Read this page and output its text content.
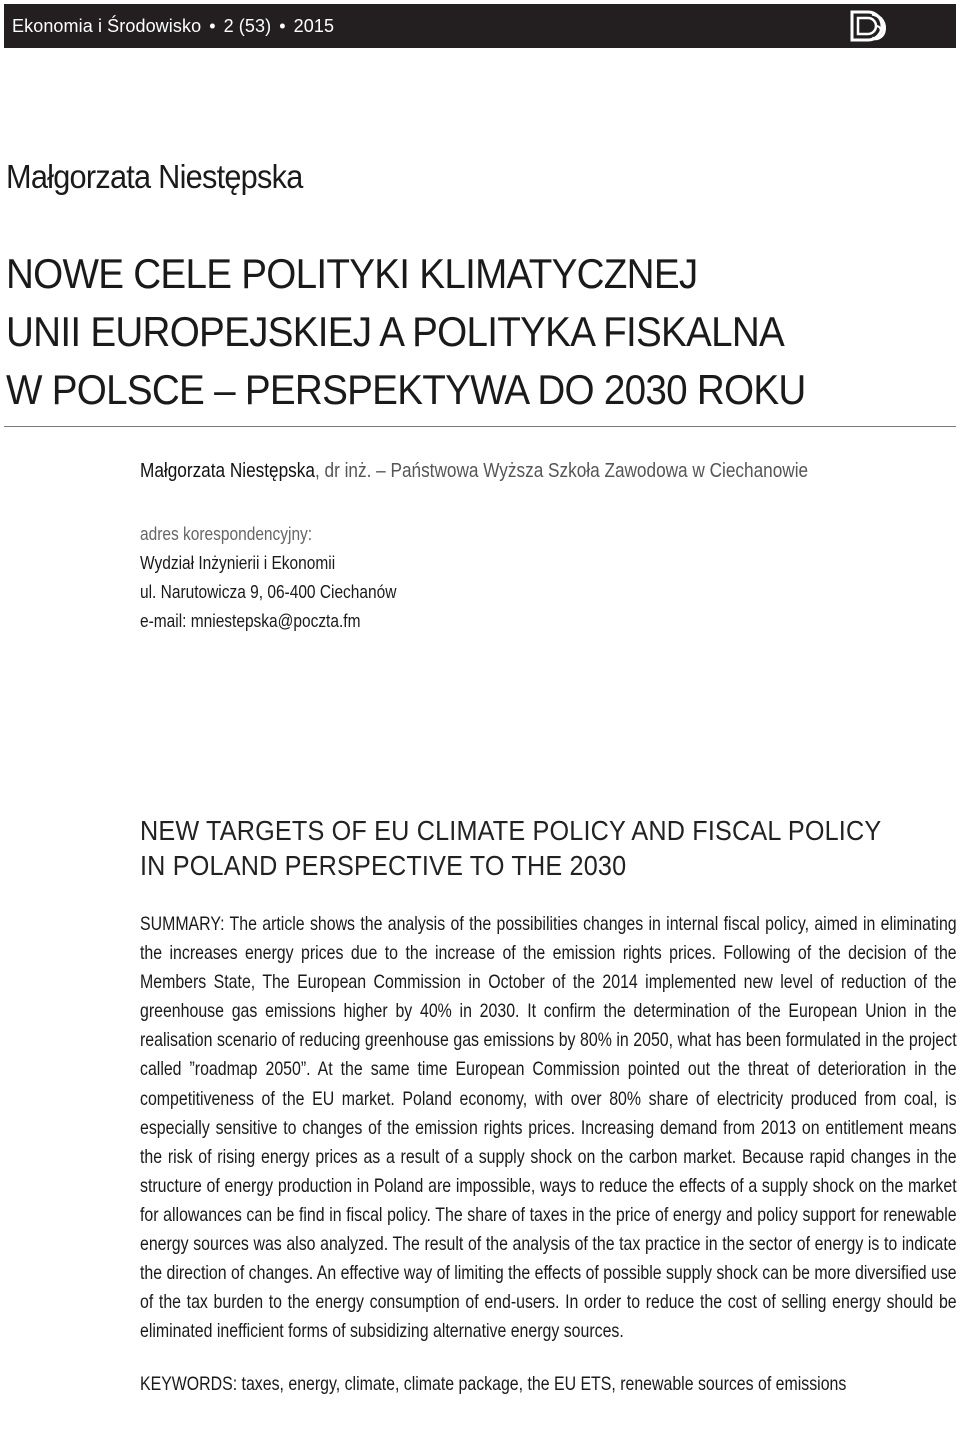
Ekonomia i Środowisko • 2 (53) • 2015
Małgorzata Niestępska
NOWE CELE POLITYKI KLIMATYCZNEJ
UNII EUROPEJSKIEJ A POLITYKA FISKALNA
W POLSCE – PERSPEKTYWA DO 2030 ROKU
Małgorzata Niestępska, dr inż. – Państwowa Wyższa Szkoła Zawodowa w Ciechanowie
adres korespondencyjny:
Wydział Inżynierii i Ekonomii
ul. Narutowicza 9, 06-400 Ciechanów
e-mail: mniestepska@poczta.fm
NEW TARGETS OF EU CLIMATE POLICY AND FISCAL POLICY
IN POLAND PERSPECTIVE TO THE 2030

SUMMARY: The article shows the analysis of the possibilities changes in internal fiscal policy, aimed in eliminating the increases energy prices due to the increase of the emission rights prices. Following of the decision of the Members State, The European Commission in October of the 2014 implemented new level of reduction of the greenhouse gas emissions higher by 40% in 2030. It confirm the determination of the European Union in the realisation scenario of reducing greenhouse gas emissions by 80% in 2050, what has been formulated in the project called ”roadmap 2050”. At the same time European Commission pointed out the threat of deterioration in the competitiveness of the EU market. Poland economy, with over 80% share of electricity produced from coal, is especially sensitive to changes of the emission rights prices. Increasing demand from 2013 on entitlement means the risk of rising energy prices as a result of a supply shock on the carbon market. Because rapid changes in the structure of energy production in Poland are impossible, ways to reduce the effects of a supply shock on the market for allowances can be find in fiscal policy. The share of taxes in the price of energy and policy support for renewable energy sources was also analyzed. The result of the analysis of the tax practice in the sector of energy is to indicate the direction of changes. An effective way of limiting the effects of possible supply shock can be more diversified use of the tax burden to the energy consumption of end-users. In order to reduce the cost of selling energy should be eliminated inefficient forms of subsidizing alternative energy sources.

KEYWORDS: taxes, energy, climate, climate package, the EU ETS, renewable sources of emissions
